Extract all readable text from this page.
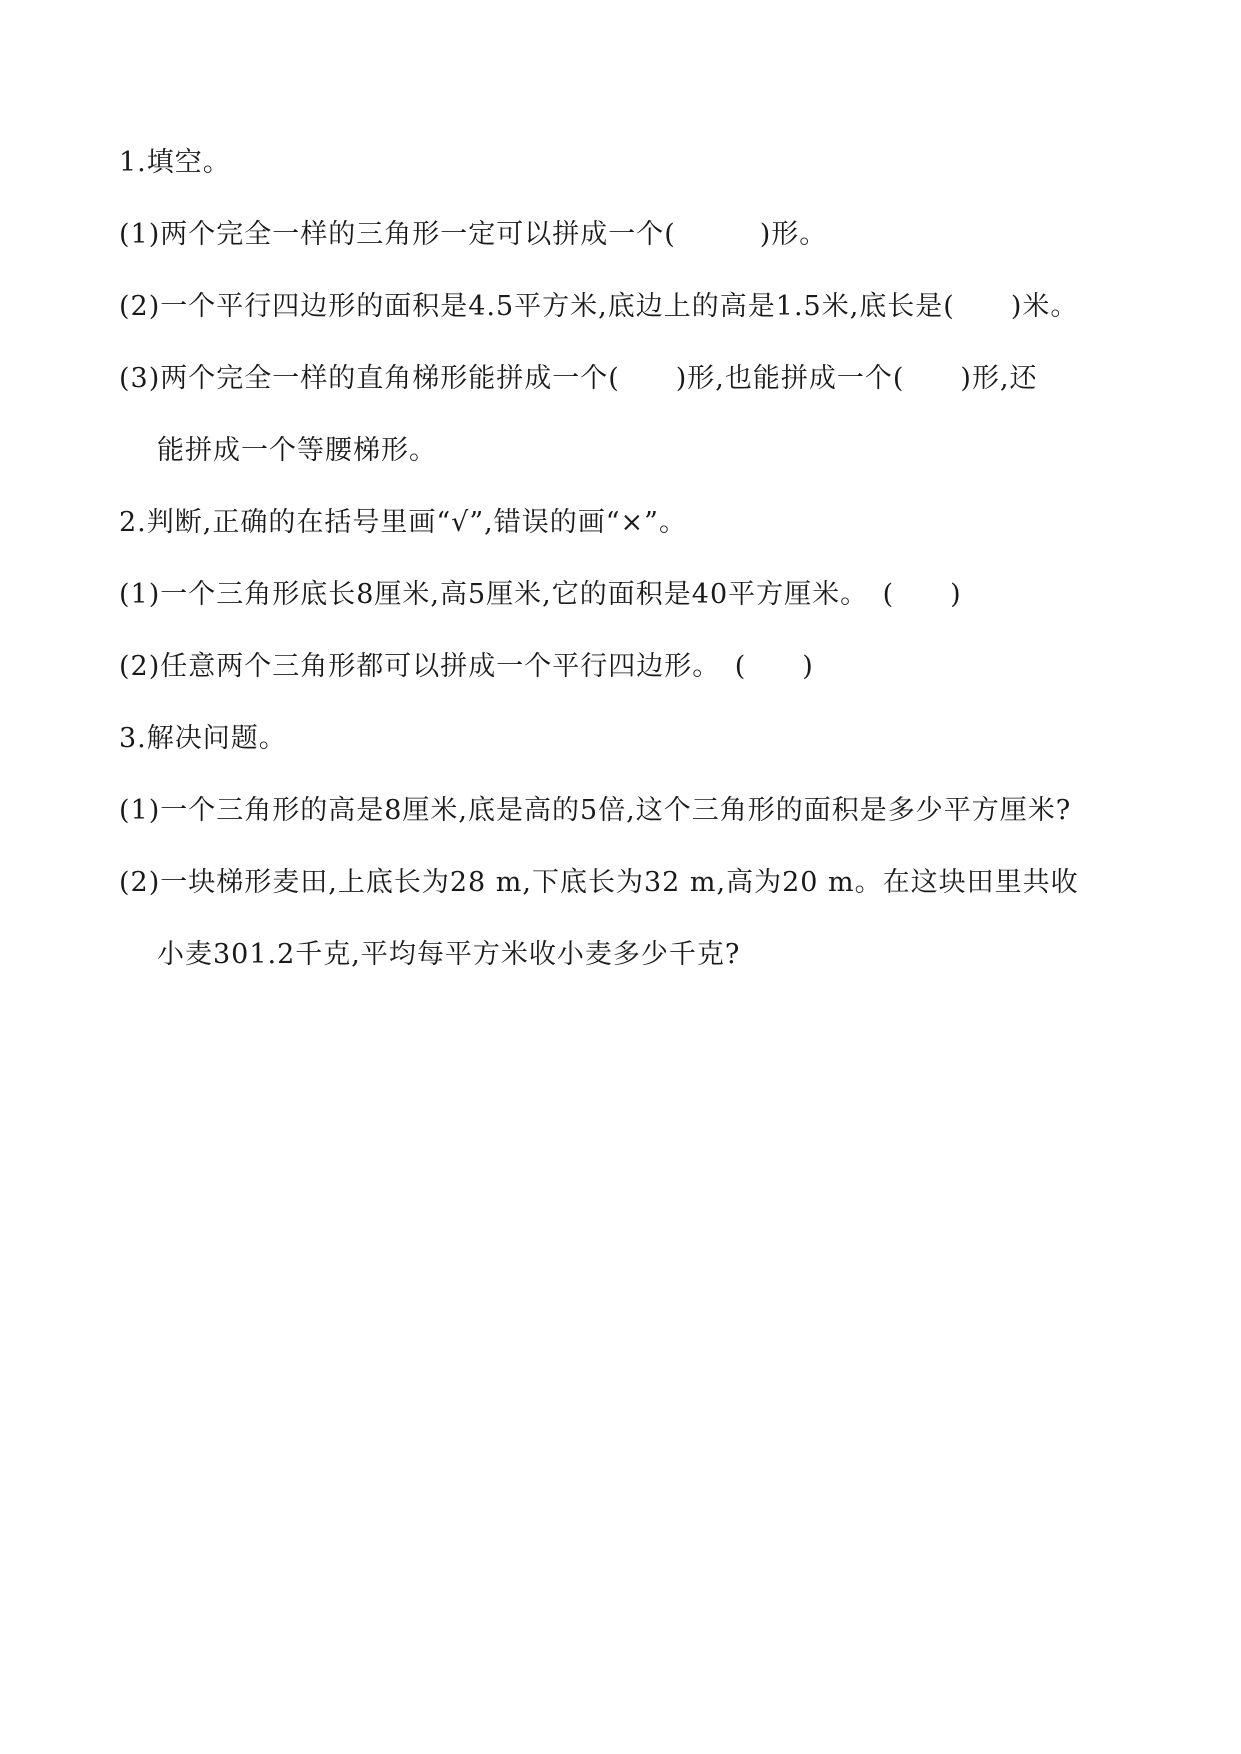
1.填空。
(1)两个完全一样的三角形一定可以拼成一个(　　　)形。
(2)一个平行四边形的面积是4.5平方米,底边上的高是1.5米,底长是(　　)米。
(3)两个完全一样的直角梯形能拼成一个(　　)形,也能拼成一个(　　)形,还
能拼成一个等腰梯形。
2.判断,正确的在括号里画“√”,错误的画“×”。
(1)一个三角形底长8厘米,高5厘米,它的面积是40平方厘米。　(　　)
(2)任意两个三角形都可以拼成一个平行四边形。　(　　)
3.解决问题。
(1)一个三角形的高是8厘米,底是高的5倍,这个三角形的面积是多少平方厘米?
(2)一块梯形麦田,上底长为28 m,下底长为32 m,高为20 m。在这块田里共收
小麦301.2千克,平均每平方米收小麦多少千克?
